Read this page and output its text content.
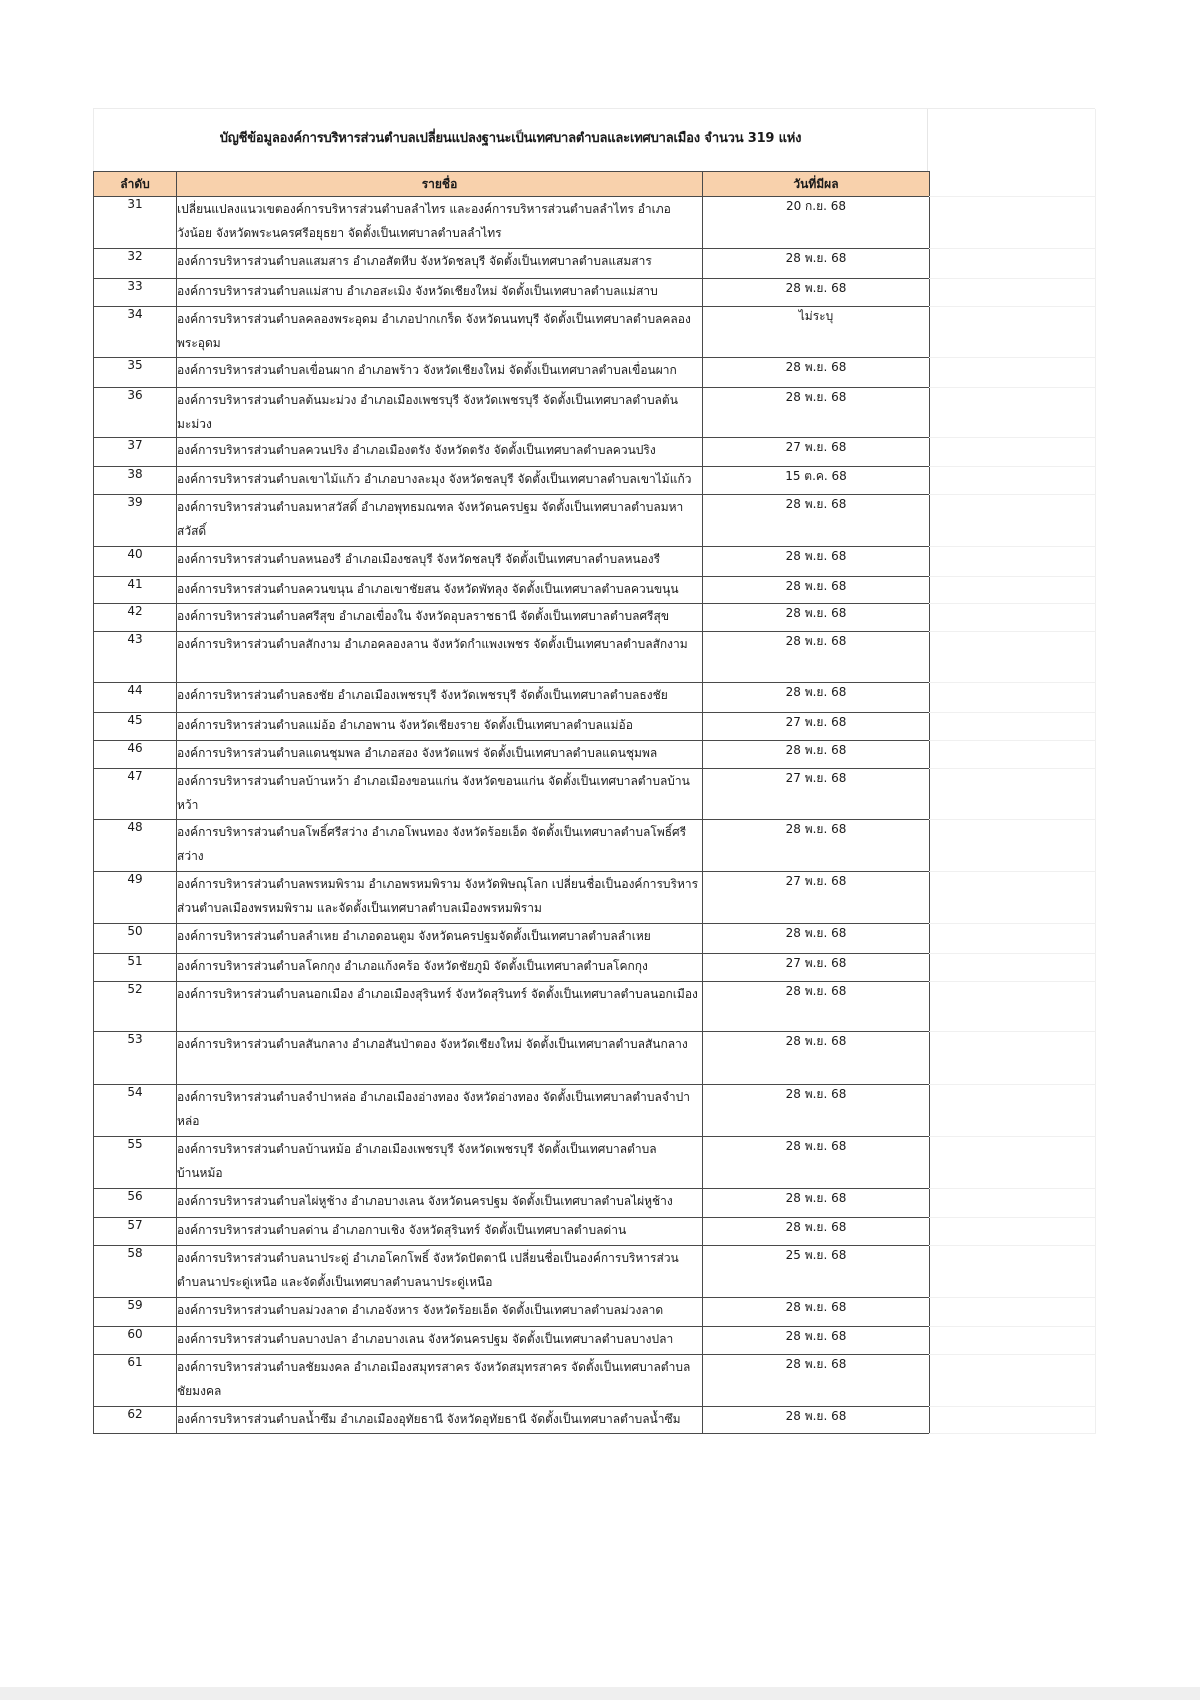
บัญชีข้อมูลองค์การบริหารส่วนตำบลเปลี่ยนแปลงฐานะเป็นเทศบาลตำบลและเทศบาลเมือง จำนวน 319 แห่ง
ลำดับ	รายชื่อ	วันที่มีผล
31	เปลี่ยนแปลงแนวเขตองค์การบริหารส่วนตำบลลำไทร และองค์การบริหารส่วนตำบลลำไทร อำเภอวังน้อย จังหวัดพระนครศรีอยุธยา จัดตั้งเป็นเทศบาลตำบลลำไทร	20 ก.ย. 68
32	องค์การบริหารส่วนตำบลแสมสาร อำเภอสัตหีบ จังหวัดชลบุรี จัดตั้งเป็นเทศบาลตำบลแสมสาร	28 พ.ย. 68
33	องค์การบริหารส่วนตำบลแม่สาบ อำเภอสะเมิง จังหวัดเชียงใหม่ จัดตั้งเป็นเทศบาลตำบลแม่สาบ	28 พ.ย. 68
34	องค์การบริหารส่วนตำบลคลองพระอุดม อำเภอปากเกร็ด จังหวัดนนทบุรี จัดตั้งเป็นเทศบาลตำบลคลองพระอุดม	ไม่ระบุ
35	องค์การบริหารส่วนตำบลเขื่อนผาก อำเภอพร้าว จังหวัดเชียงใหม่ จัดตั้งเป็นเทศบาลตำบลเขื่อนผาก	28 พ.ย. 68
36	องค์การบริหารส่วนตำบลต้นมะม่วง อำเภอเมืองเพชรบุรี จังหวัดเพชรบุรี จัดตั้งเป็นเทศบาลตำบลต้นมะม่วง	28 พ.ย. 68
37	องค์การบริหารส่วนตำบลควนปริง อำเภอเมืองตรัง จังหวัดตรัง จัดตั้งเป็นเทศบาลตำบลควนปริง	27 พ.ย. 68
38	องค์การบริหารส่วนตำบลเขาไม้แก้ว อำเภอบางละมุง จังหวัดชลบุรี จัดตั้งเป็นเทศบาลตำบลเขาไม้แก้ว	15 ต.ค. 68
39	องค์การบริหารส่วนตำบลมหาสวัสดิ์ อำเภอพุทธมณฑล จังหวัดนครปฐม จัดตั้งเป็นเทศบาลตำบลมหาสวัสดิ์	28 พ.ย. 68
40	องค์การบริหารส่วนตำบลหนองรี อำเภอเมืองชลบุรี จังหวัดชลบุรี จัดตั้งเป็นเทศบาลตำบลหนองรี	28 พ.ย. 68
41	องค์การบริหารส่วนตำบลควนขนุน อำเภอเขาชัยสน จังหวัดพัทลุง จัดตั้งเป็นเทศบาลตำบลควนขนุน	28 พ.ย. 68
42	องค์การบริหารส่วนตำบลศรีสุข อำเภอเขื่องใน จังหวัดอุบลราชธานี จัดตั้งเป็นเทศบาลตำบลศรีสุข	28 พ.ย. 68
43	องค์การบริหารส่วนตำบลสักงาม อำเภอคลองลาน จังหวัดกำแพงเพชร จัดตั้งเป็นเทศบาลตำบลสักงาม	28 พ.ย. 68
44	องค์การบริหารส่วนตำบลธงชัย อำเภอเมืองเพชรบุรี จังหวัดเพชรบุรี จัดตั้งเป็นเทศบาลตำบลธงชัย	28 พ.ย. 68
45	องค์การบริหารส่วนตำบลแม่อ้อ อำเภอพาน จังหวัดเชียงราย จัดตั้งเป็นเทศบาลตำบลแม่อ้อ	27 พ.ย. 68
46	องค์การบริหารส่วนตำบลแดนชุมพล อำเภอสอง จังหวัดแพร่ จัดตั้งเป็นเทศบาลตำบลแดนชุมพล	28 พ.ย. 68
47	องค์การบริหารส่วนตำบลบ้านหว้า อำเภอเมืองขอนแก่น จังหวัดขอนแก่น จัดตั้งเป็นเทศบาลตำบลบ้านหว้า	27 พ.ย. 68
48	องค์การบริหารส่วนตำบลโพธิ์ศรีสว่าง อำเภอโพนทอง จังหวัดร้อยเอ็ด จัดตั้งเป็นเทศบาลตำบลโพธิ์ศรีสว่าง	28 พ.ย. 68
49	องค์การบริหารส่วนตำบลพรหมพิราม อำเภอพรหมพิราม จังหวัดพิษณุโลก เปลี่ยนชื่อเป็นองค์การบริหารส่วนตำบลเมืองพรหมพิราม และจัดตั้งเป็นเทศบาลตำบลเมืองพรหมพิราม	27 พ.ย. 68
50	องค์การบริหารส่วนตำบลลำเหย อำเภอดอนตูม จังหวัดนครปฐมจัดตั้งเป็นเทศบาลตำบลลำเหย	28 พ.ย. 68
51	องค์การบริหารส่วนตำบลโคกกุง อำเภอแก้งคร้อ จังหวัดชัยภูมิ จัดตั้งเป็นเทศบาลตำบลโคกกุง	27 พ.ย. 68
52	องค์การบริหารส่วนตำบลนอกเมือง อำเภอเมืองสุรินทร์ จังหวัดสุรินทร์ จัดตั้งเป็นเทศบาลตำบลนอกเมือง	28 พ.ย. 68
53	องค์การบริหารส่วนตำบลสันกลาง อำเภอสันป่าตอง จังหวัดเชียงใหม่ จัดตั้งเป็นเทศบาลตำบลสันกลาง	28 พ.ย. 68
54	องค์การบริหารส่วนตำบลจำปาหล่อ อำเภอเมืองอ่างทอง จังหวัดอ่างทอง จัดตั้งเป็นเทศบาลตำบลจำปาหล่อ	28 พ.ย. 68
55	องค์การบริหารส่วนตำบลบ้านหม้อ อำเภอเมืองเพชรบุรี จังหวัดเพชรบุรี จัดตั้งเป็นเทศบาลตำบลบ้านหม้อ	28 พ.ย. 68
56	องค์การบริหารส่วนตำบลไผ่หูช้าง อำเภอบางเลน จังหวัดนครปฐม จัดตั้งเป็นเทศบาลตำบลไผ่หูช้าง	28 พ.ย. 68
57	องค์การบริหารส่วนตำบลด่าน อำเภอกาบเชิง จังหวัดสุรินทร์ จัดตั้งเป็นเทศบาลตำบลด่าน	28 พ.ย. 68
58	องค์การบริหารส่วนตำบลนาประดู่ อำเภอโคกโพธิ์ จังหวัดปัตตานี เปลี่ยนชื่อเป็นองค์การบริหารส่วนตำบลนาประดู่เหนือ และจัดตั้งเป็นเทศบาลตำบลนาประดู่เหนือ	25 พ.ย. 68
59	องค์การบริหารส่วนตำบลม่วงลาด อำเภอจังหาร จังหวัดร้อยเอ็ด จัดตั้งเป็นเทศบาลตำบลม่วงลาด	28 พ.ย. 68
60	องค์การบริหารส่วนตำบลบางปลา อำเภอบางเลน จังหวัดนครปฐม จัดตั้งเป็นเทศบาลตำบลบางปลา	28 พ.ย. 68
61	องค์การบริหารส่วนตำบลชัยมงคล อำเภอเมืองสมุทรสาคร จังหวัดสมุทรสาคร จัดตั้งเป็นเทศบาลตำบลชัยมงคล	28 พ.ย. 68
62	องค์การบริหารส่วนตำบลน้ำซึม อำเภอเมืองอุทัยธานี จังหวัดอุทัยธานี จัดตั้งเป็นเทศบาลตำบลน้ำซึม	28 พ.ย. 68
